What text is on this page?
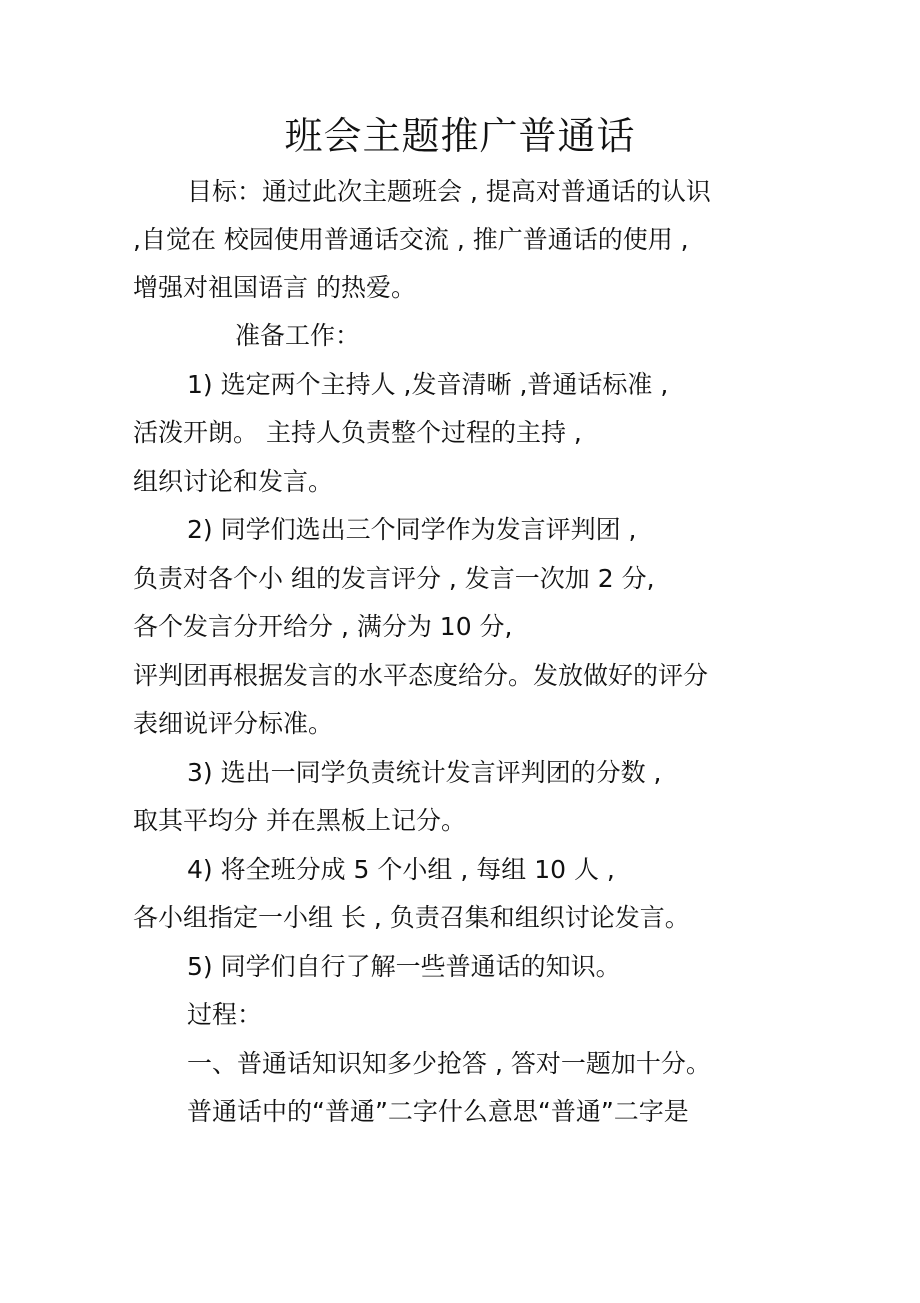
班会主题推广普通话

目标：通过此次主题班会 , 提高对普通话的认识

,自觉在 校园使用普通话交流 , 推广普通话的使用 ,

增强对祖国语言 的热爱。

准备工作：

1) 选定两个主持人 ,发音清晰 ,普通话标准 ,

活泼开朗。 主持人负责整个过程的主持 ,

组织讨论和发言。

2) 同学们选出三个同学作为发言评判团 ,

负责对各个小 组的发言评分 , 发言一次加 2 分,

各个发言分开给分 , 满分为 10 分,

评判团再根据发言的水平态度给分。发放做好的评分

表细说评分标准。

3) 选出一同学负责统计发言评判团的分数 ,

取其平均分 并在黑板上记分。

4) 将全班分成 5 个小组 , 每组 10 人 ,

各小组指定一小组 长 , 负责召集和组织讨论发言。

5) 同学们自行了解一些普通话的知识。

过程：

一、普通话知识知多少抢答 , 答对一题加十分。

普通话中的“普通”二字什么意思“普通”二字是
